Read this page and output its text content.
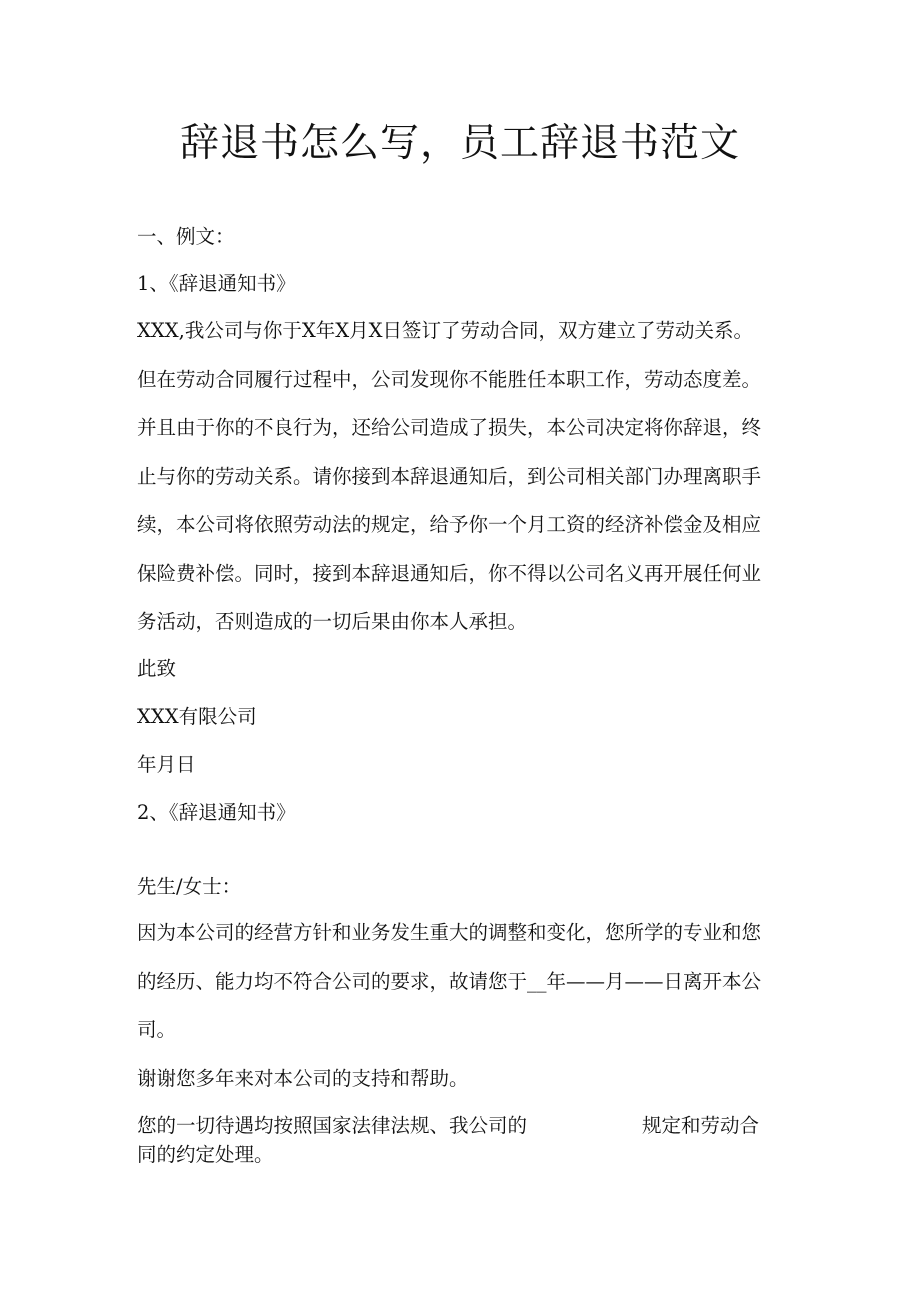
辞退书怎么写，员工辞退书范文
一、例文：
1、《辞退通知书》
XXX,我公司与你于X年X月X日签订了劳动合同，双方建立了劳动关系。
但在劳动合同履行过程中，公司发现你不能胜任本职工作，劳动态度差。
并且由于你的不良行为，还给公司造成了损失，本公司决定将你辞退，终
止与你的劳动关系。请你接到本辞退通知后，到公司相关部门办理离职手
续，本公司将依照劳动法的规定，给予你一个月工资的经济补偿金及相应
保险费补偿。同时，接到本辞退通知后，你不得以公司名义再开展任何业
务活动，否则造成的一切后果由你本人承担。
此致
XXX有限公司
年月日
2、《辞退通知书》
先生/女士：
因为本公司的经营方针和业务发生重大的调整和变化，您所学的专业和您
的经历、能力均不符合公司的要求，故请您于__年——月——日离开本公
司。
谢谢您多年来对本公司的支持和帮助。
您的一切待遇均按照国家法律法规、我公司的	规定和劳动合
同的约定处理。
